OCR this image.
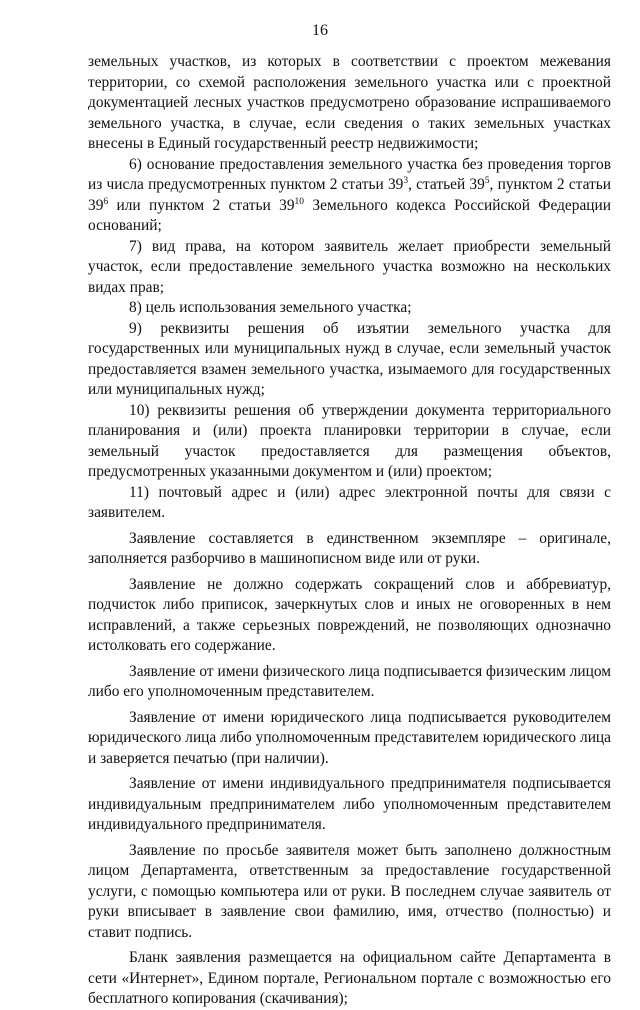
16

земельных участков, из которых в соответствии с проектом межевания территории, со схемой расположения земельного участка или с проектной документацией лесных участков предусмотрено образование испрашиваемого земельного участка, в случае, если сведения о таких земельных участках внесены в Единый государственный реестр недвижимости;

6) основание предоставления земельного участка без проведения торгов из числа предусмотренных пунктом 2 статьи $39^3$, статьей $39^5$, пунктом 2 статьи $39^6$ или пунктом 2 статьи $39^{10}$ Земельного кодекса Российской Федерации оснований;

7) вид права, на котором заявитель желает приобрести земельный участок, если предоставление земельного участка возможно на нескольких видах прав;

8) цель использования земельного участка;

9) реквизиты решения об изъятии земельного участка для государственных или муниципальных нужд в случае, если земельный участок предоставляется взамен земельного участка, изымаемого для государственных или муниципальных нужд;

10) реквизиты решения об утверждении документа территориального планирования и (или) проекта планировки территории в случае, если земельный участок предоставляется для размещения объектов, предусмотренных указанными документом и (или) проектом;

11) почтовый адрес и (или) адрес электронной почты для связи с заявителем.

Заявление составляется в единственном экземпляре – оригинале, заполняется разборчиво в машинописном виде или от руки.

Заявление не должно содержать сокращений слов и аббревиатур, подчисток либо приписок, зачеркнутых слов и иных не оговоренных в нем исправлений, а также серьезных повреждений, не позволяющих однозначно истолковать его содержание.

Заявление от имени физического лица подписывается физическим лицом либо его уполномоченным представителем.

Заявление от имени юридического лица подписывается руководителем юридического лица либо уполномоченным представителем юридического лица и заверяется печатью (при наличии).

Заявление от имени индивидуального предпринимателя подписывается индивидуальным предпринимателем либо уполномоченным представителем индивидуального предпринимателя.

Заявление по просьбе заявителя может быть заполнено должностным лицом Департамента, ответственным за предоставление государственной услуги, с помощью компьютера или от руки. В последнем случае заявитель от руки вписывает в заявление свои фамилию, имя, отчество (полностью) и ставит подпись.

Бланк заявления размещается на официальном сайте Департамента в сети «Интернет», Едином портале, Региональном портале с возможностью его бесплатного копирования (скачивания);
